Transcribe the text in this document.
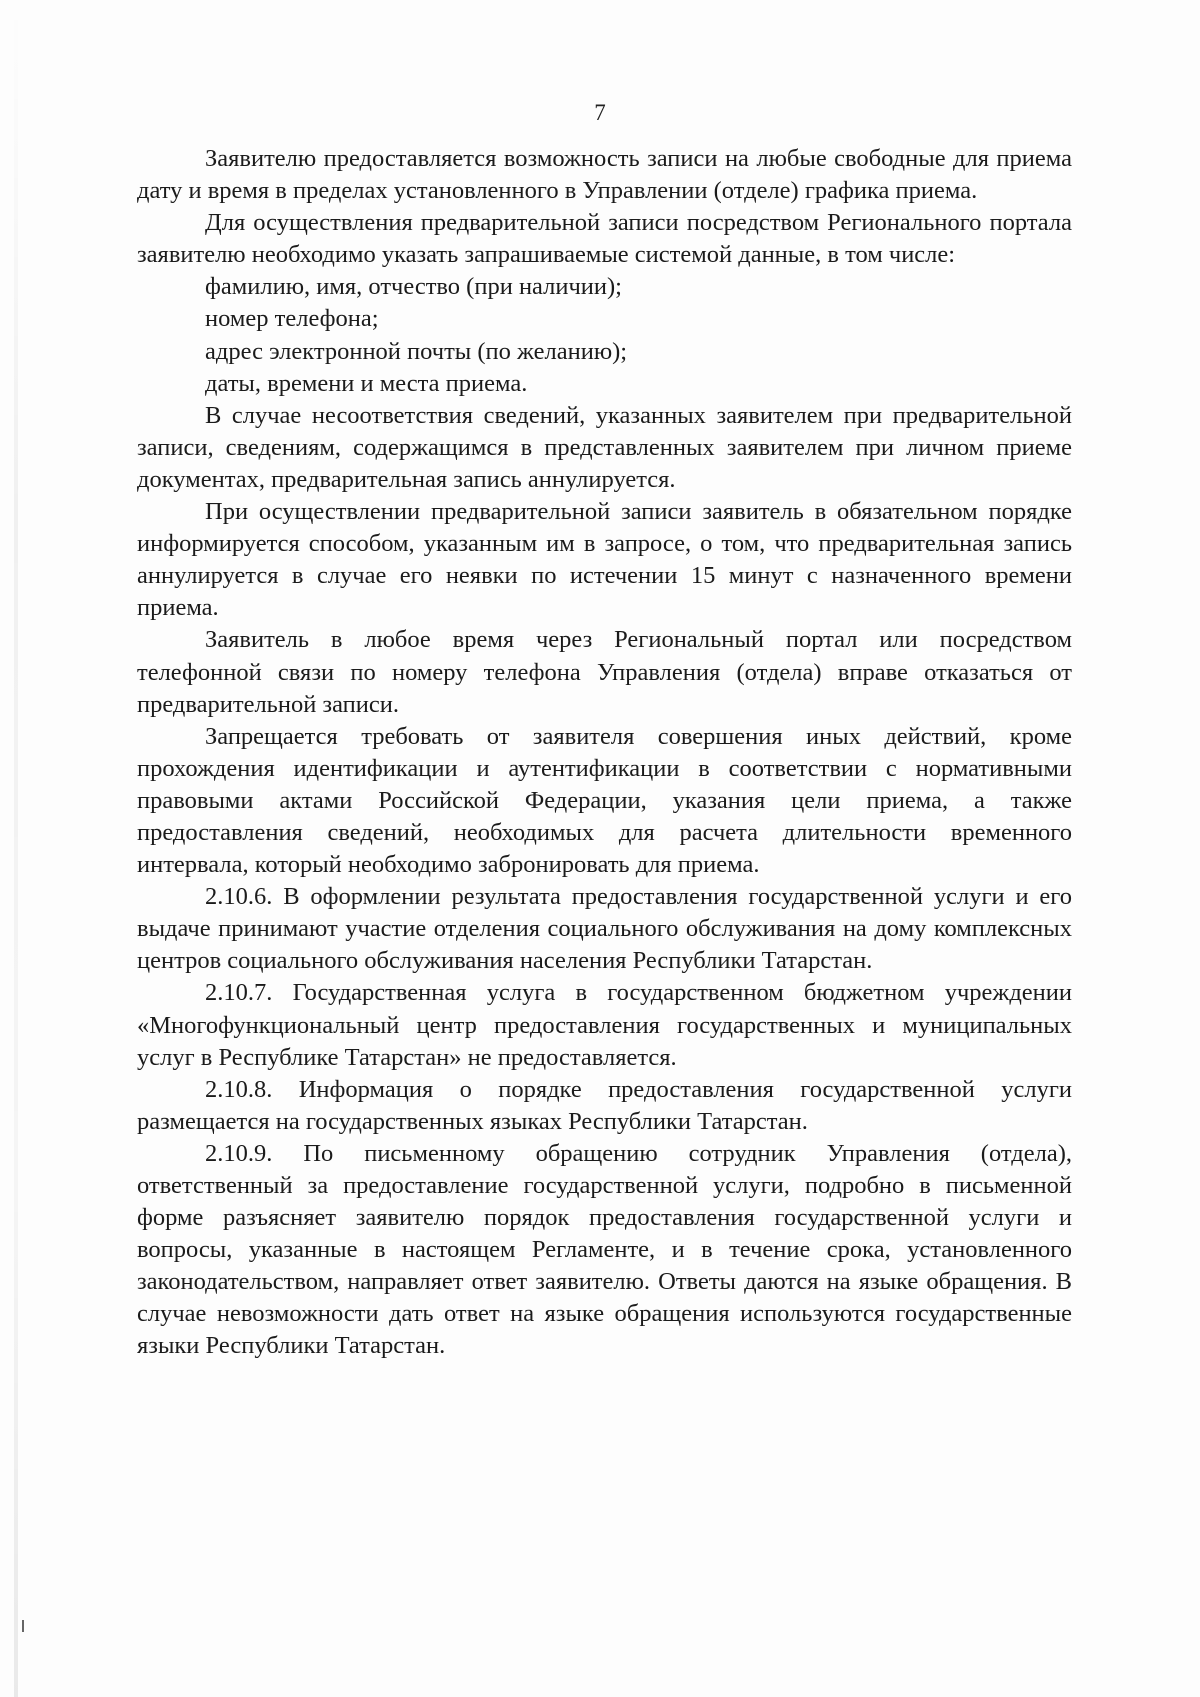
7

Заявителю предоставляется возможность записи на любые свободные для приема дату и время в пределах установленного в Управлении (отделе) графика приема.

Для осуществления предварительной записи посредством Регионального портала заявителю необходимо указать запрашиваемые системой данные, в том числе:

фамилию, имя, отчество (при наличии);

номер телефона;

адрес электронной почты (по желанию);

даты, времени и места приема.

В случае несоответствия сведений, указанных заявителем при предварительной записи, сведениям, содержащимся в представленных заявителем при личном приеме документах, предварительная запись аннулируется.

При осуществлении предварительной записи заявитель в обязательном порядке информируется способом, указанным им в запросе, о том, что предварительная запись аннулируется в случае его неявки по истечении 15 минут с назначенного времени приема.

Заявитель в любое время через Региональный портал или посредством телефонной связи по номеру телефона Управления (отдела) вправе отказаться от предварительной записи.

Запрещается требовать от заявителя совершения иных действий, кроме прохождения идентификации и аутентификации в соответствии с нормативными правовыми актами Российской Федерации, указания цели приема, а также предоставления сведений, необходимых для расчета длительности временного интервала, который необходимо забронировать для приема.

2.10.6. В оформлении результата предоставления государственной услуги и его выдаче принимают участие отделения социального обслуживания на дому комплексных центров социального обслуживания населения Республики Татарстан.

2.10.7. Государственная услуга в государственном бюджетном учреждении «Многофункциональный центр предоставления государственных и муниципальных услуг в Республике Татарстан» не предоставляется.

2.10.8. Информация о порядке предоставления государственной услуги размещается на государственных языках Республики Татарстан.

2.10.9. По письменному обращению сотрудник Управления (отдела), ответственный за предоставление государственной услуги, подробно в письменной форме разъясняет заявителю порядок предоставления государственной услуги и вопросы, указанные в настоящем Регламенте, и в течение срока, установленного законодательством, направляет ответ заявителю. Ответы даются на языке обращения. В случае невозможности дать ответ на языке обращения используются государственные языки Республики Татарстан.
